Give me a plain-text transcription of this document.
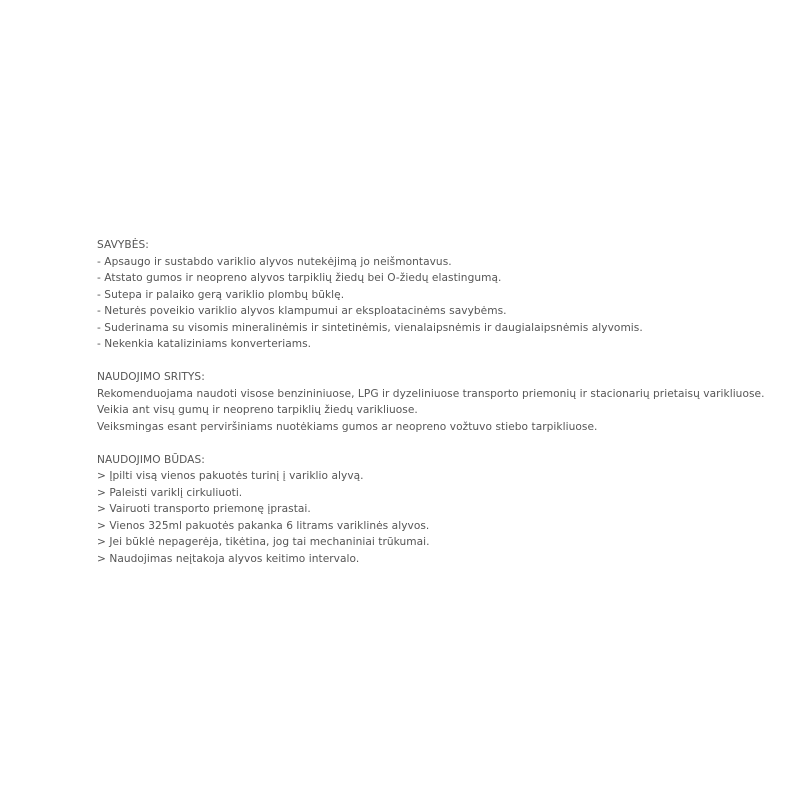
SAVYBĖS:
- Apsaugo ir sustabdo variklio alyvos nutekėjimą jo neišmontavus.
- Atstato gumos ir neopreno alyvos tarpiklių žiedų bei O-žiedų elastingumą.
- Sutepa ir palaiko gerą variklio plombų būklę.
- Neturės poveikio variklio alyvos klampumui ar eksploatacinėms savybėms.
- Suderinama su visomis mineralinėmis ir sintetinėmis, vienalaipsnėmis ir daugialaipsnėmis alyvomis.
- Nekenkia kataliziniams konverteriams.
NAUDOJIMO SRITYS:
Rekomenduojama naudoti visose benzininiuose, LPG ir dyzeliniuose transporto priemonių ir stacionarių prietaisų varikliuose.
Veikia ant visų gumų ir neopreno tarpiklių žiedų varikliuose.
Veiksmingas esant perviršiniams nuotėkiams gumos ar neopreno vožtuvo stiebo tarpikliuose.
NAUDOJIMO BŪDAS:
> Įpilti visą vienos pakuotės turinį į variklio alyvą.
> Paleisti variklį cirkuliuoti.
> Vairuoti transporto priemonę įprastai.
> Vienos 325ml pakuotės pakanka 6 litrams variklinės alyvos.
> Jei būklė nepagerėja, tikėtina, jog tai mechaniniai trūkumai.
> Naudojimas neįtakoja alyvos keitimo intervalo.
